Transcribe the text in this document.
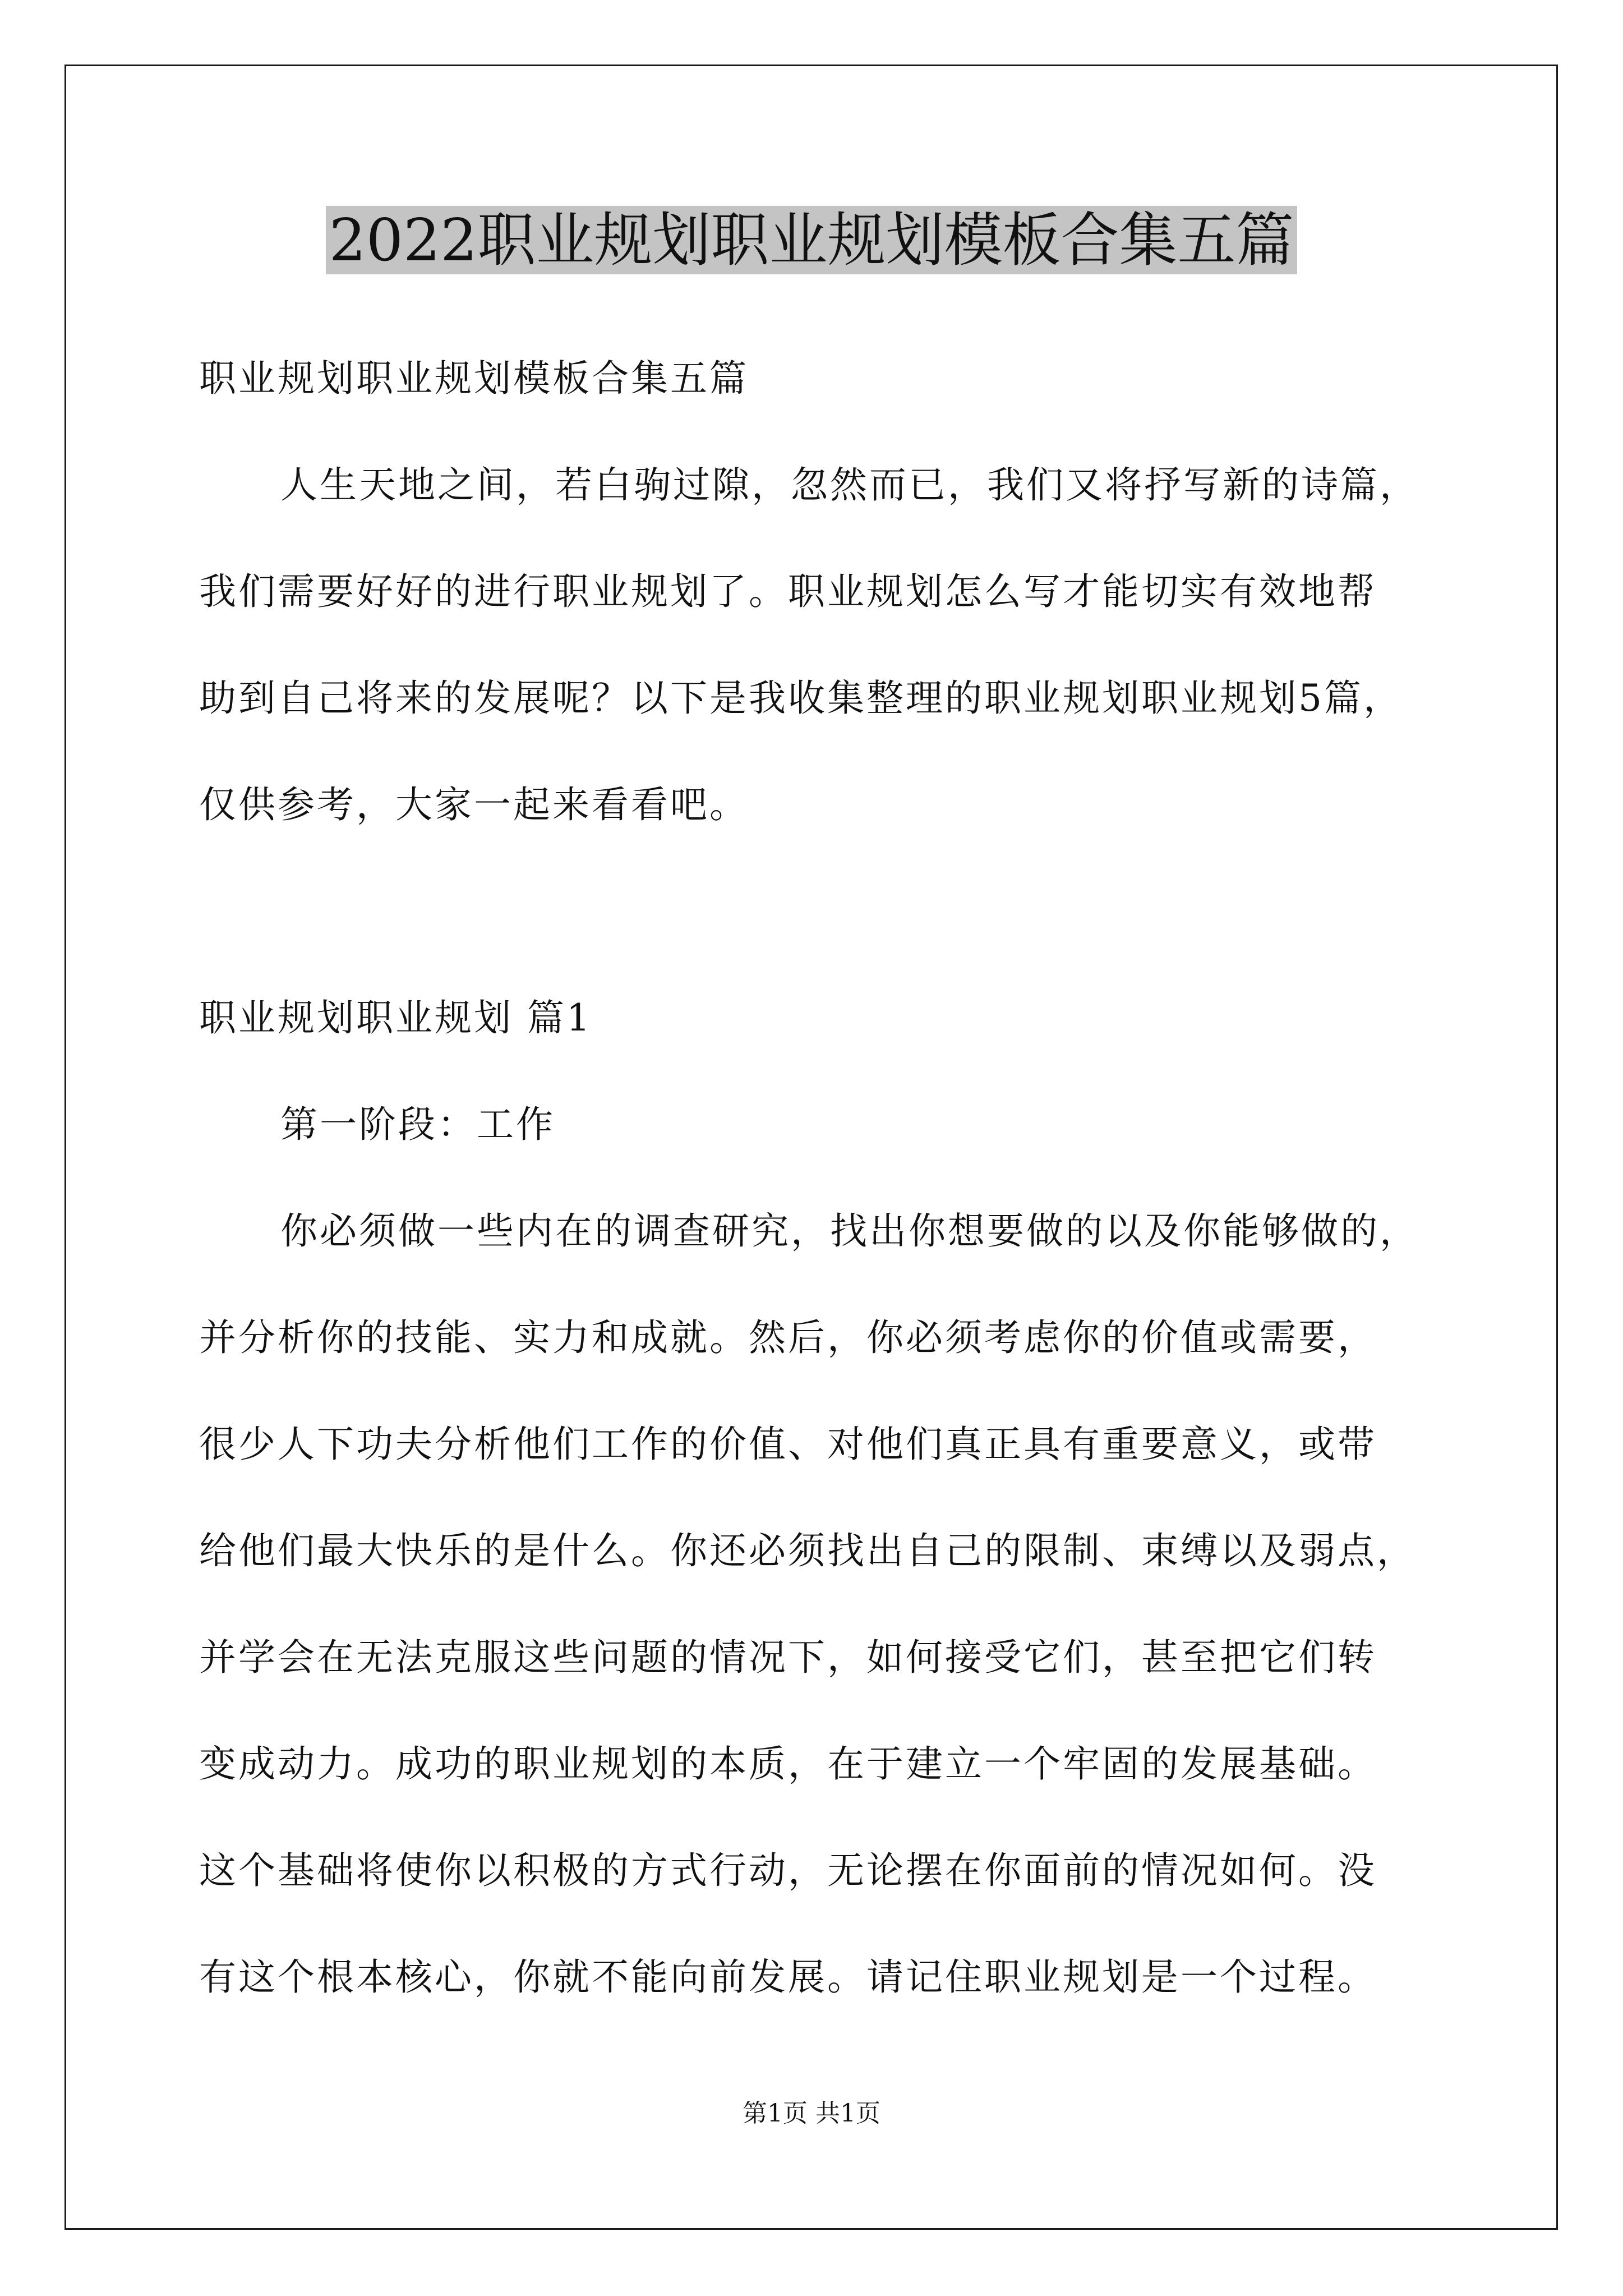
2022职业规划职业规划模板合集五篇

职业规划职业规划模板合集五篇

人生天地之间，若白驹过隙，忽然而已，我们又将抒写新的诗篇，

我们需要好好的进行职业规划了。职业规划怎么写才能切实有效地帮

助到自己将来的发展呢？以下是我收集整理的职业规划职业规划5篇，

仅供参考，大家一起来看看吧。

职业规划职业规划 篇1

第一阶段：工作

你必须做一些内在的调查研究，找出你想要做的以及你能够做的，

并分析你的技能、实力和成就。然后，你必须考虑你的价值或需要，

很少人下功夫分析他们工作的价值、对他们真正具有重要意义，或带

给他们最大快乐的是什么。你还必须找出自己的限制、束缚以及弱点，

并学会在无法克服这些问题的情况下，如何接受它们，甚至把它们转

变成动力。成功的职业规划的本质，在于建立一个牢固的发展基础。

这个基础将使你以积极的方式行动，无论摆在你面前的情况如何。没

有这个根本核心，你就不能向前发展。请记住职业规划是一个过程。

第1页 共1页
